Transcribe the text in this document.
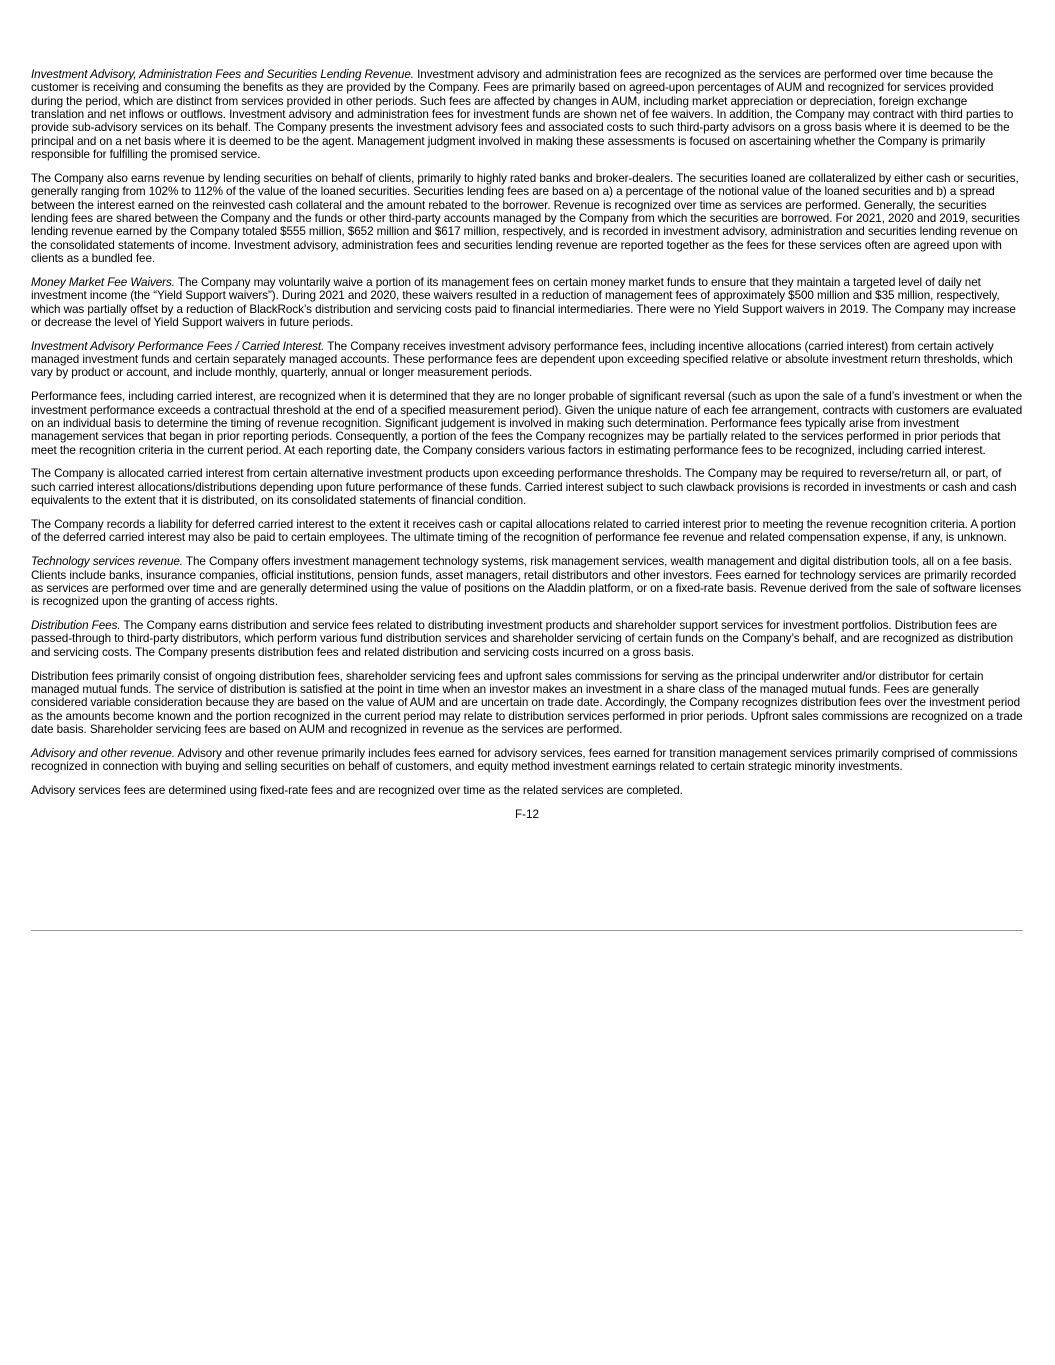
Investment Advisory, Administration Fees and Securities Lending Revenue. Investment advisory and administration fees are recognized as the services are performed over time because the customer is receiving and consuming the benefits as they are provided by the Company. Fees are primarily based on agreed-upon percentages of AUM and recognized for services provided during the period, which are distinct from services provided in other periods. Such fees are affected by changes in AUM, including market appreciation or depreciation, foreign exchange translation and net inflows or outflows. Investment advisory and administration fees for investment funds are shown net of fee waivers. In addition, the Company may contract with third parties to provide sub-advisory services on its behalf. The Company presents the investment advisory fees and associated costs to such third-party advisors on a gross basis where it is deemed to be the principal and on a net basis where it is deemed to be the agent. Management judgment involved in making these assessments is focused on ascertaining whether the Company is primarily responsible for fulfilling the promised service.

The Company also earns revenue by lending securities on behalf of clients, primarily to highly rated banks and broker-dealers. The securities loaned are collateralized by either cash or securities, generally ranging from 102% to 112% of the value of the loaned securities. Securities lending fees are based on a) a percentage of the notional value of the loaned securities and b) a spread between the interest earned on the reinvested cash collateral and the amount rebated to the borrower. Revenue is recognized over time as services are performed. Generally, the securities lending fees are shared between the Company and the funds or other third-party accounts managed by the Company from which the securities are borrowed. For 2021, 2020 and 2019, securities lending revenue earned by the Company totaled $555 million, $652 million and $617 million, respectively, and is recorded in investment advisory, administration and securities lending revenue on the consolidated statements of income. Investment advisory, administration fees and securities lending revenue are reported together as the fees for these services often are agreed upon with clients as a bundled fee.

Money Market Fee Waivers. The Company may voluntarily waive a portion of its management fees on certain money market funds to ensure that they maintain a targeted level of daily net investment income (the “Yield Support waivers”). During 2021 and 2020, these waivers resulted in a reduction of management fees of approximately $500 million and $35 million, respectively, which was partially offset by a reduction of BlackRock’s distribution and servicing costs paid to financial intermediaries. There were no Yield Support waivers in 2019. The Company may increase or decrease the level of Yield Support waivers in future periods.

Investment Advisory Performance Fees / Carried Interest. The Company receives investment advisory performance fees, including incentive allocations (carried interest) from certain actively managed investment funds and certain separately managed accounts. These performance fees are dependent upon exceeding specified relative or absolute investment return thresholds, which vary by product or account, and include monthly, quarterly, annual or longer measurement periods.

Performance fees, including carried interest, are recognized when it is determined that they are no longer probable of significant reversal (such as upon the sale of a fund’s investment or when the investment performance exceeds a contractual threshold at the end of a specified measurement period). Given the unique nature of each fee arrangement, contracts with customers are evaluated on an individual basis to determine the timing of revenue recognition. Significant judgement is involved in making such determination. Performance fees typically arise from investment management services that began in prior reporting periods. Consequently, a portion of the fees the Company recognizes may be partially related to the services performed in prior periods that meet the recognition criteria in the current period. At each reporting date, the Company considers various factors in estimating performance fees to be recognized, including carried interest.

The Company is allocated carried interest from certain alternative investment products upon exceeding performance thresholds. The Company may be required to reverse/return all, or part, of such carried interest allocations/distributions depending upon future performance of these funds. Carried interest subject to such clawback provisions is recorded in investments or cash and cash equivalents to the extent that it is distributed, on its consolidated statements of financial condition.

The Company records a liability for deferred carried interest to the extent it receives cash or capital allocations related to carried interest prior to meeting the revenue recognition criteria. A portion of the deferred carried interest may also be paid to certain employees. The ultimate timing of the recognition of performance fee revenue and related compensation expense, if any, is unknown.

Technology services revenue. The Company offers investment management technology systems, risk management services, wealth management and digital distribution tools, all on a fee basis. Clients include banks, insurance companies, official institutions, pension funds, asset managers, retail distributors and other investors. Fees earned for technology services are primarily recorded as services are performed over time and are generally determined using the value of positions on the Aladdin platform, or on a fixed-rate basis. Revenue derived from the sale of software licenses is recognized upon the granting of access rights.

Distribution Fees. The Company earns distribution and service fees related to distributing investment products and shareholder support services for investment portfolios. Distribution fees are passed-through to third-party distributors, which perform various fund distribution services and shareholder servicing of certain funds on the Company’s behalf, and are recognized as distribution and servicing costs. The Company presents distribution fees and related distribution and servicing costs incurred on a gross basis.

Distribution fees primarily consist of ongoing distribution fees, shareholder servicing fees and upfront sales commissions for serving as the principal underwriter and/or distributor for certain managed mutual funds. The service of distribution is satisfied at the point in time when an investor makes an investment in a share class of the managed mutual funds. Fees are generally considered variable consideration because they are based on the value of AUM and are uncertain on trade date. Accordingly, the Company recognizes distribution fees over the investment period as the amounts become known and the portion recognized in the current period may relate to distribution services performed in prior periods. Upfront sales commissions are recognized on a trade date basis. Shareholder servicing fees are based on AUM and recognized in revenue as the services are performed.

Advisory and other revenue. Advisory and other revenue primarily includes fees earned for advisory services, fees earned for transition management services primarily comprised of commissions recognized in connection with buying and selling securities on behalf of customers, and equity method investment earnings related to certain strategic minority investments.

Advisory services fees are determined using fixed-rate fees and are recognized over time as the related services are completed.

F-12
